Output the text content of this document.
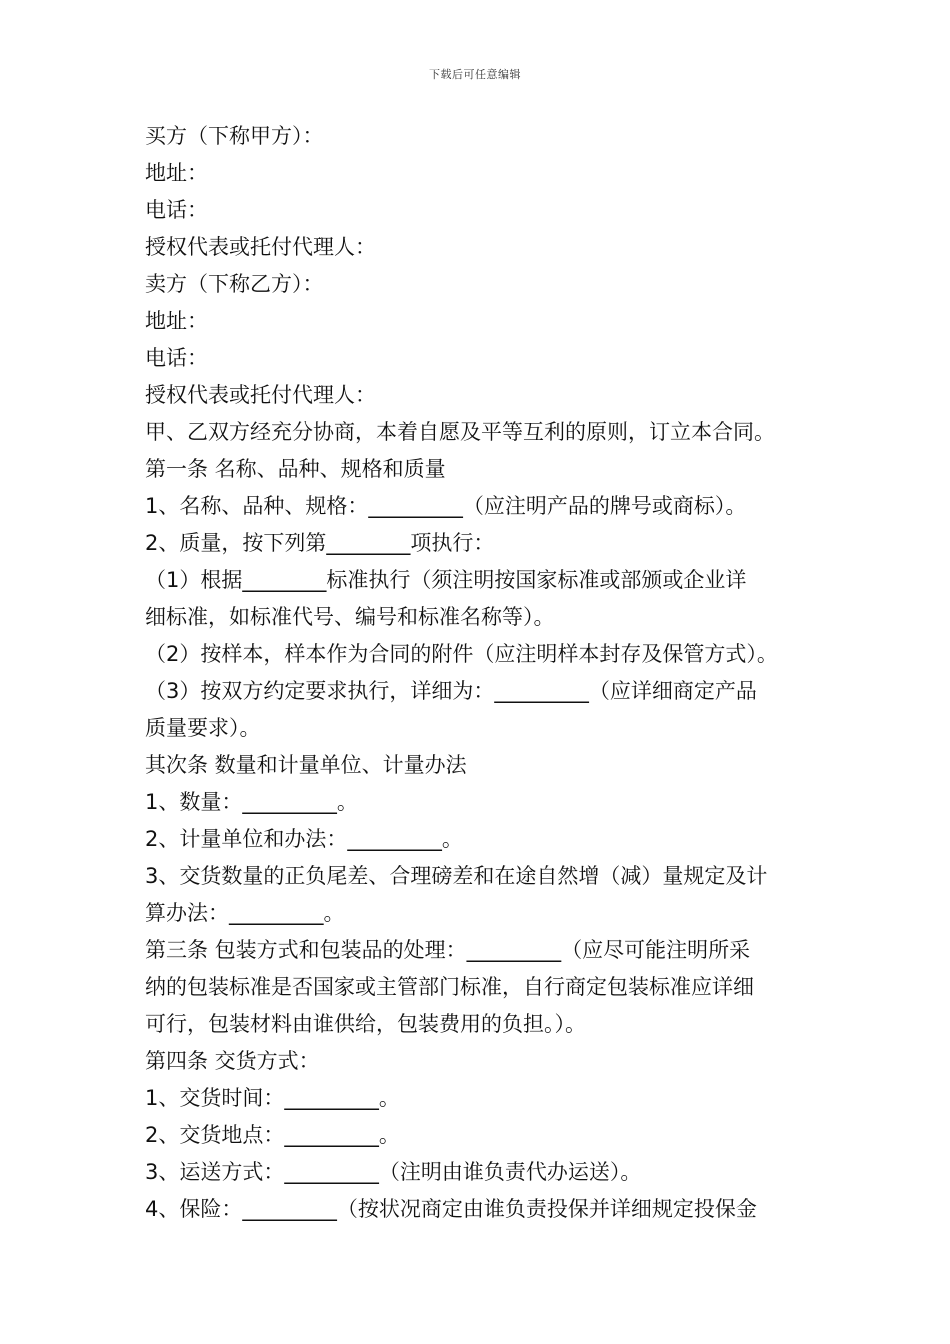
下载后可任意编辑
买方（下称甲方）：
地址：
电话：
授权代表或托付代理人：
卖方（下称乙方）：
地址：
电话：
授权代表或托付代理人：
甲、乙双方经充分协商，本着自愿及平等互利的原则，订立本合同。
第一条 名称、品种、规格和质量
1、名称、品种、规格：_________（应注明产品的牌号或商标）。
2、质量，按下列第________项执行：
（1）根据________标准执行（须注明按国家标准或部颁或企业详
细标准，如标准代号、编号和标准名称等）。
（2）按样本，样本作为合同的附件（应注明样本封存及保管方式）。
（3）按双方约定要求执行，详细为：_________（应详细商定产品
质量要求）。
其次条 数量和计量单位、计量办法
1、数量：_________。
2、计量单位和办法：_________。
3、交货数量的正负尾差、合理磅差和在途自然增（减）量规定及计
算办法：_________。
第三条 包装方式和包装品的处理：_________（应尽可能注明所采
纳的包装标准是否国家或主管部门标准，自行商定包装标准应详细
可行，包装材料由谁供给，包装费用的负担。）。
第四条 交货方式：
1、交货时间：_________。
2、交货地点：_________。
3、运送方式：_________（注明由谁负责代办运送）。
4、保险：_________（按状况商定由谁负责投保并详细规定投保金
